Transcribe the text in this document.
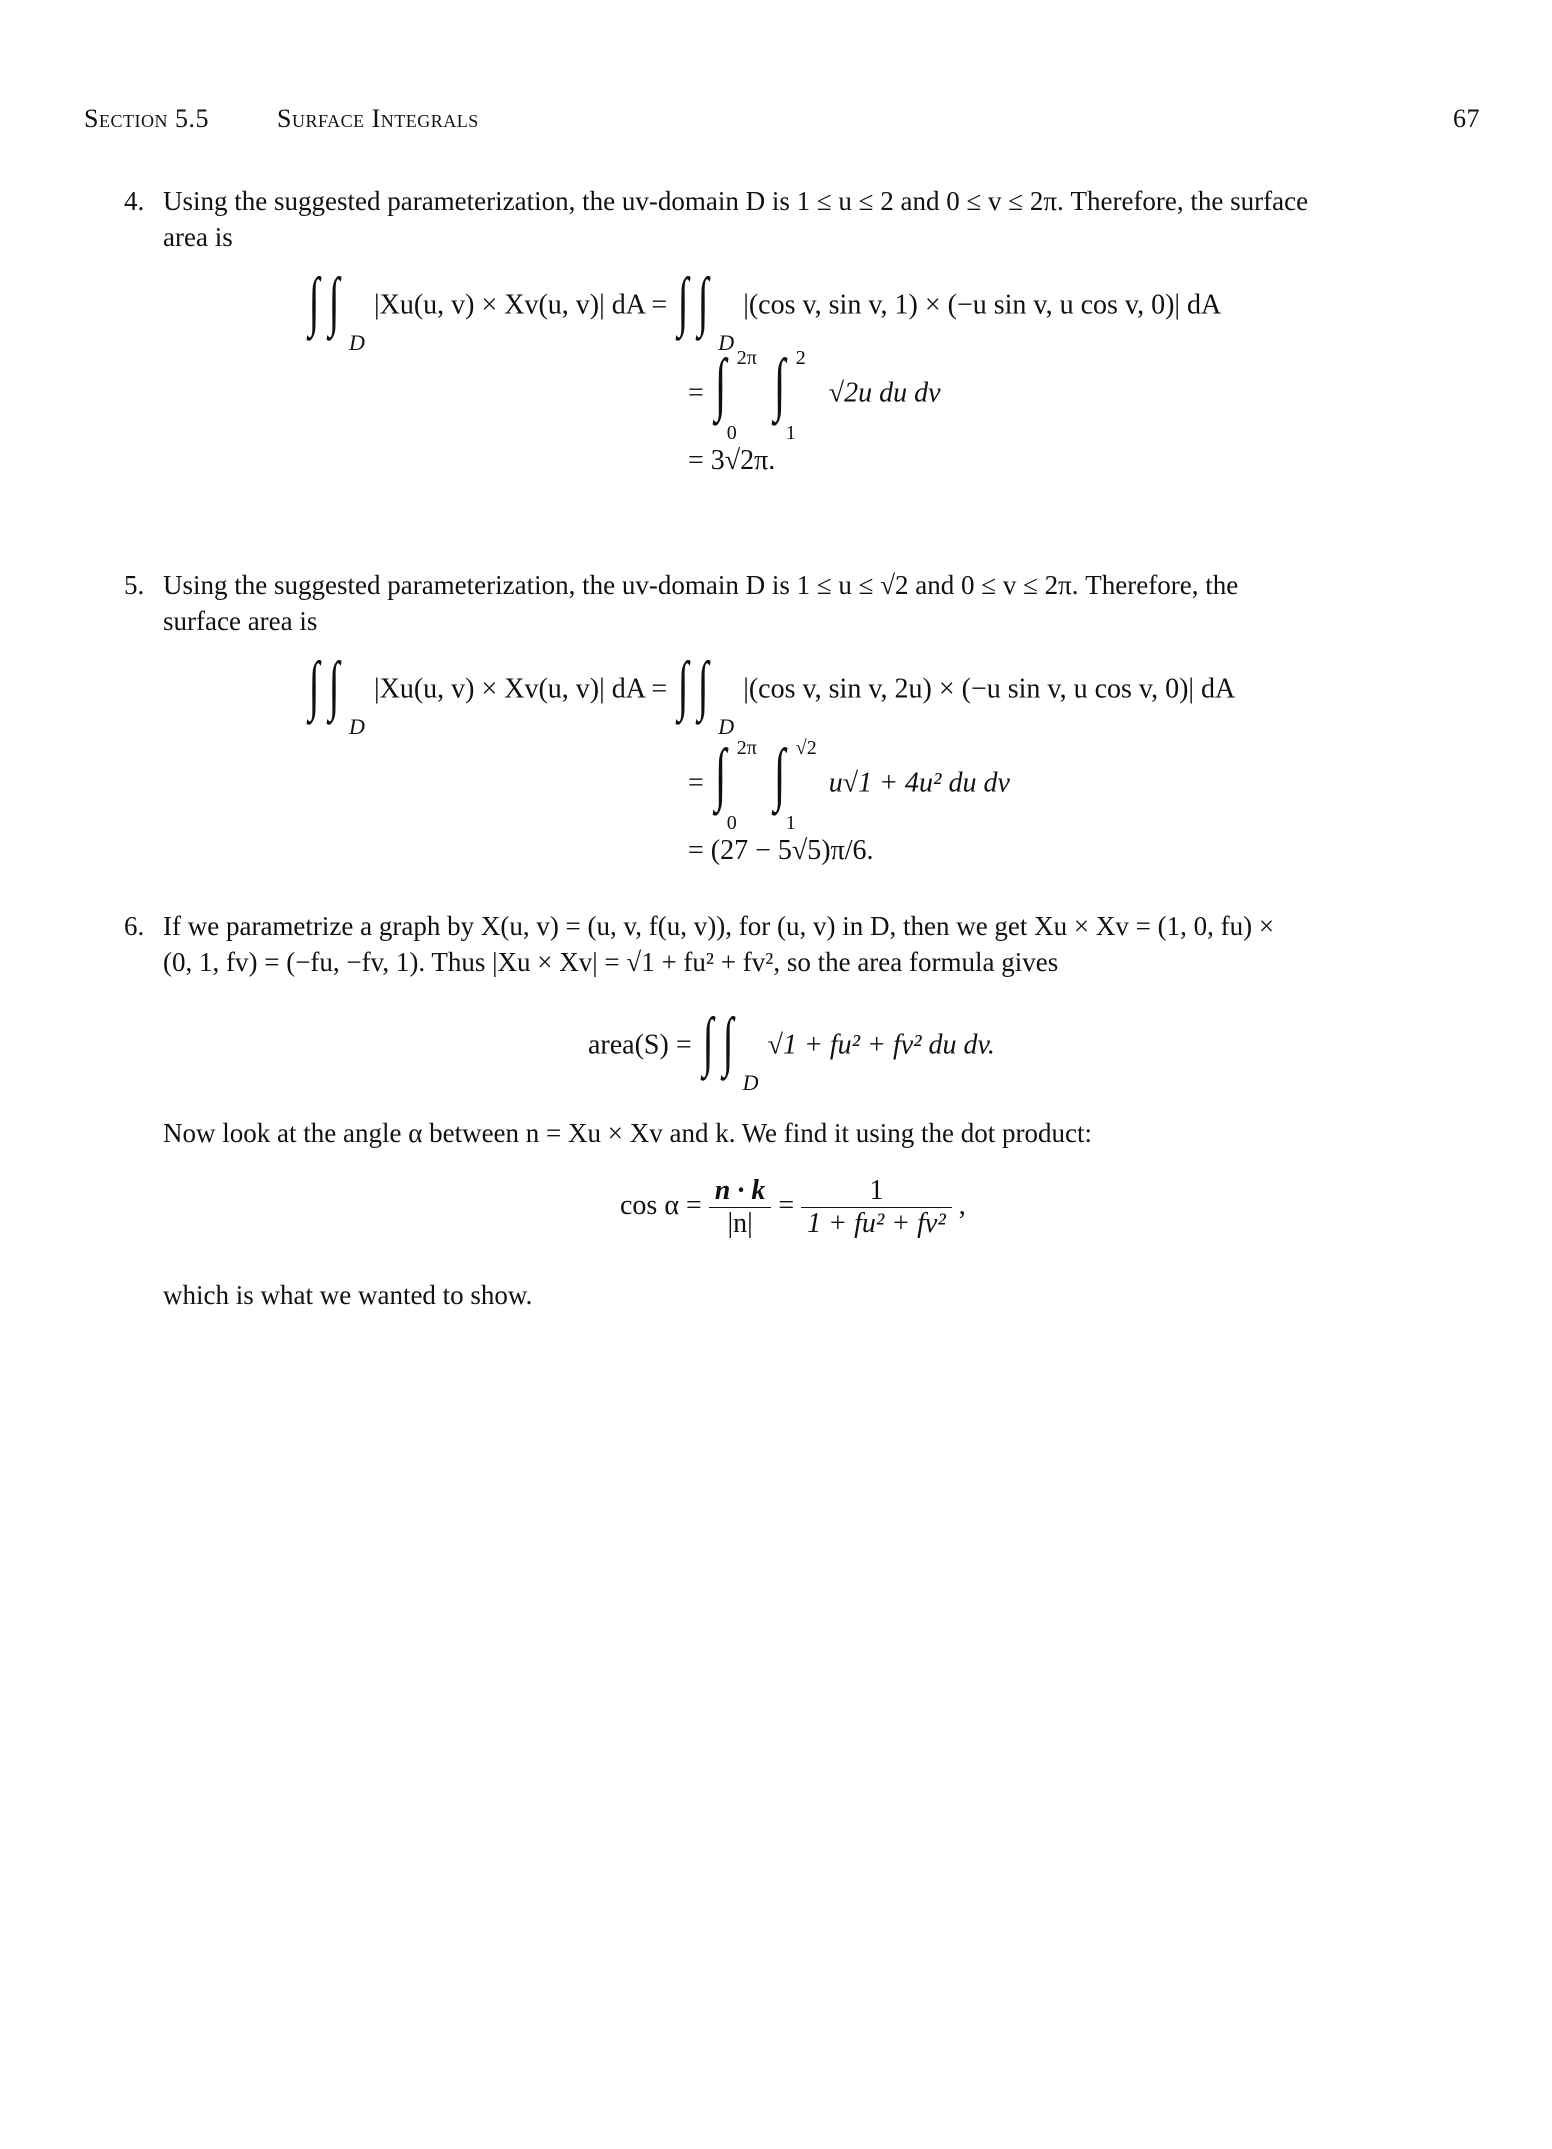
Section 5.5	Surface Integrals	67
4. Using the suggested parameterization, the uv-domain D is 1 ≤ u ≤ 2 and 0 ≤ v ≤ 2π. Therefore, the surface
area is
∫ ∫
D
|Xu(u, v) × Xv(u, v)| dA = ∫ ∫
D
|(cos v, sin v, 1) × (−u sin v, u cos v, 0)| dA
= ∫ 2π
0

∫ 2
1
√2u du dv
= 3√2π.
5. Using the suggested parameterization, the uv-domain D is 1 ≤ u ≤ √2 and 0 ≤ v ≤ 2π. Therefore, the
surface area is
∫ ∫
D
|Xu(u, v) × Xv(u, v)| dA = ∫ ∫
D
|(cos v, sin v, 2u) × (−u sin v, u cos v, 0)| dA
= ∫ 2π
0

∫ √2
1
u√1 + 4u² du dv
= (27 − 5√5)π/6.
6. If we parametrize a graph by X(u, v) = (u, v, f(u, v)), for (u, v) in D, then we get Xu × Xv = (1, 0, fu) ×
(0, 1, fv) = (−fu, −fv, 1). Thus |Xu × Xv| = √1 + fu² + fv², so the area formula gives
area(S) = ∫ ∫
D
√1 + fu² + fv² du dv.
Now look at the angle α between n = Xu × Xv and k. We find it using the dot product:
$\cos \alpha = \frac{n \cdot k}{|n|} = \frac{1}{\text{1 + fu² + fv²}}$ ,
which is what we wanted to show.
